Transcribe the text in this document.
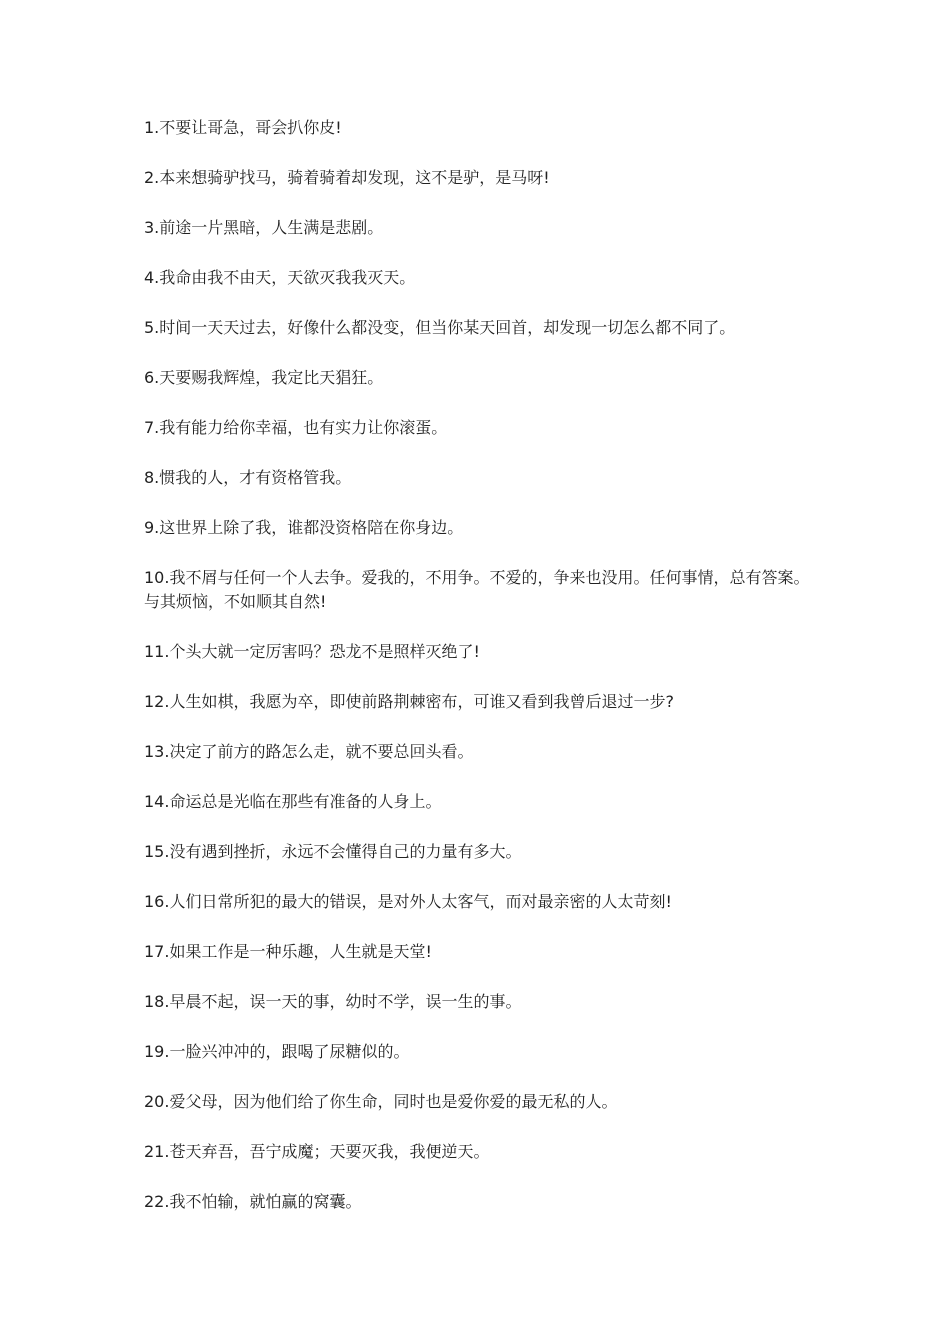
1.不要让哥急，哥会扒你皮!
2.本来想骑驴找马，骑着骑着却发现，这不是驴，是马呀!
3.前途一片黑暗，人生满是悲剧。
4.我命由我不由天，天欲灭我我灭天。
5.时间一天天过去，好像什么都没变，但当你某天回首，却发现一切怎么都不同了。
6.天要赐我辉煌，我定比天猖狂。
7.我有能力给你幸福，也有实力让你滚蛋。
8.惯我的人，才有资格管我。
9.这世界上除了我，谁都没资格陪在你身边。
10.我不屑与任何一个人去争。爱我的，不用争。不爱的，争来也没用。任何事情，总有答案。与其烦恼，不如顺其自然!
11.个头大就一定厉害吗？恐龙不是照样灭绝了!
12.人生如棋，我愿为卒，即使前路荆棘密布，可谁又看到我曾后退过一步?
13.决定了前方的路怎么走，就不要总回头看。
14.命运总是光临在那些有准备的人身上。
15.没有遇到挫折，永远不会懂得自己的力量有多大。
16.人们日常所犯的最大的错误，是对外人太客气，而对最亲密的人太苛刻!
17.如果工作是一种乐趣，人生就是天堂!
18.早晨不起，误一天的事，幼时不学，误一生的事。
19.一脸兴冲冲的，跟喝了尿糖似的。
20.爱父母，因为他们给了你生命，同时也是爱你爱的最无私的人。
21.苍天弃吾，吾宁成魔；天要灭我，我便逆天。
22.我不怕输，就怕赢的窝囊。
